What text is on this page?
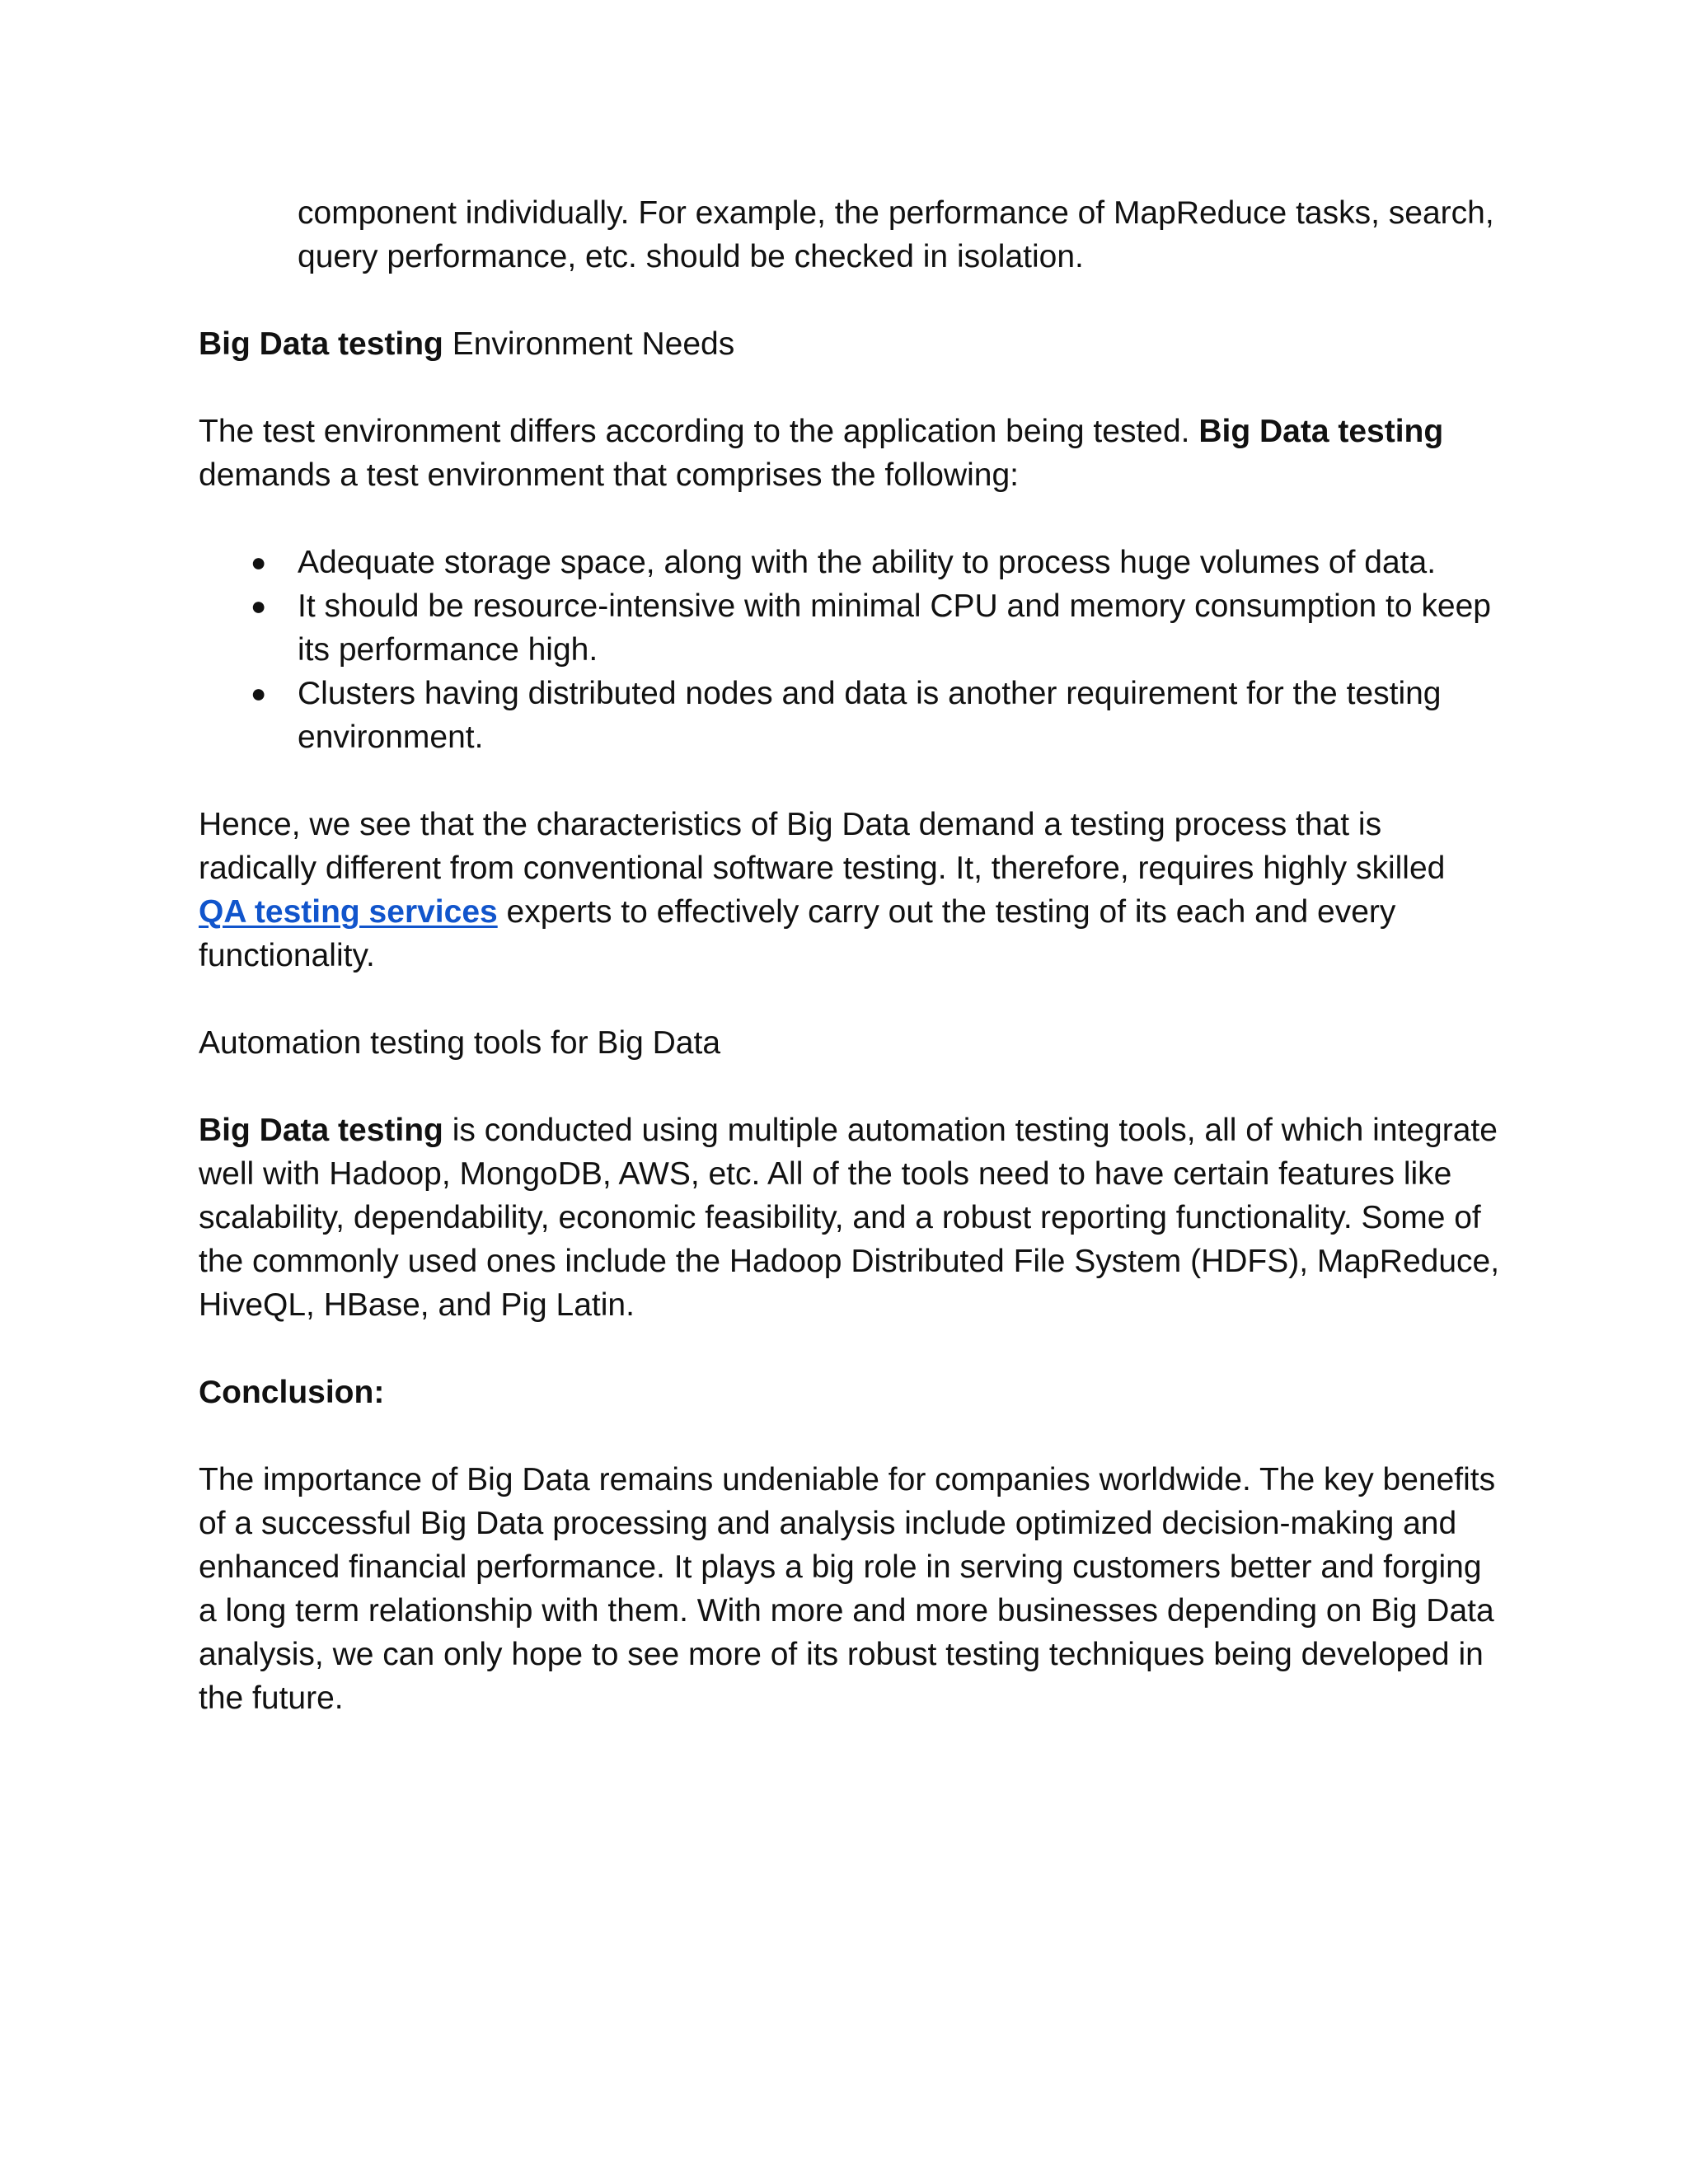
component individually. For example, the performance of MapReduce tasks, search, query performance, etc. should be checked in isolation.

Big Data testing Environment Needs

The test environment differs according to the application being tested. Big Data testing demands a test environment that comprises the following:

● Adequate storage space, along with the ability to process huge volumes of data.
● It should be resource-intensive with minimal CPU and memory consumption to keep its performance high.
● Clusters having distributed nodes and data is another requirement for the testing environment.

Hence, we see that the characteristics of Big Data demand a testing process that is radically different from conventional software testing. It, therefore, requires highly skilled QA testing services experts to effectively carry out the testing of its each and every functionality.

Automation testing tools for Big Data

Big Data testing is conducted using multiple automation testing tools, all of which integrate well with Hadoop, MongoDB, AWS, etc. All of the tools need to have certain features like scalability, dependability, economic feasibility, and a robust reporting functionality. Some of the commonly used ones include the Hadoop Distributed File System (HDFS), MapReduce, HiveQL, HBase, and Pig Latin.

Conclusion:

The importance of Big Data remains undeniable for companies worldwide. The key benefits of a successful Big Data processing and analysis include optimized decision-making and enhanced financial performance. It plays a big role in serving customers better and forging a long term relationship with them. With more and more businesses depending on Big Data analysis, we can only hope to see more of its robust testing techniques being developed in the future.
